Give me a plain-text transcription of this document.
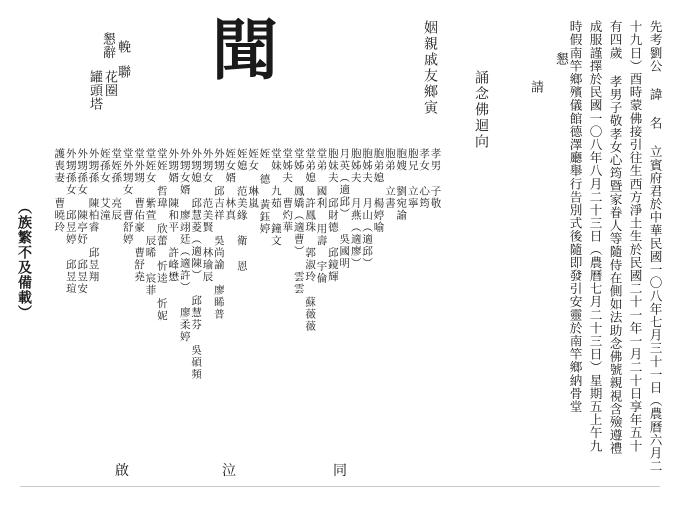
先考劉公 諱 名 立賓府君於中華民國一〇八年七月三十一日（農曆六月二
十九日）酉時蒙佛接引往生西方淨土生於民國二十一年一月二十日享年五十
有四歲 孝男子敬孝女心筠暨家眷人等隨侍在側如法助念佛號親視含殮遵禮
成服謹擇於民國一〇八年八月二十三日（農曆七月二十三日）星期五上午九
時假南竿鄉殯儀館德澤廳舉行告別式後隨即發引安靈於南竿鄉納骨堂
懇
請
姻親戚友鄉寅	誦念佛迴向
聞
懇辭
花圈
輓聯
罐頭塔
孝男 子敬
孝女 心筠
胞兄 立寧
胞嫂 劉宛諭
胞弟 立書
胞弟媳 楊婷喻
胞姊夫 月山（適邱）
胞姊夫 月燕（適廖）
月英（適邱） 吳國明
胞妹夫 邱財德 邱鏡輝
堂弟 國利 用壽 宇倫
堂弟媳 許鳳珠 郭淑玲 蘇薇薇
堂姊 鳳嬌（適曹） 雲雲
堂姊夫 曹灼華
堂妹 九茹 鐘文
姪 德 黃鈺婷
姪女 琳嵐
姪媳 范美緣 衛 恩
姪女婿 林真
外甥 邱吉祥 吳尚諭 廖睎普
外甥女 范美賢 林瑜辰
外甥媳 邱慧菱（適陳） 邱慧芬 吳碩頻
外甥女婿 廖翊廷（適許） 廖柔婷
外甥婿 陳和平 許峰懋
堂姪 哲瑋 欣蕾 忻逵 忻妮
堂姪女 紫萱 辰晞 宸菲
堂外甥 曹佑豪 曹舒堯
堂外甥女 曹舒婷
堂姪孫 亮辰
姪孫女 艾潼
外甥孫 陳柏睿 邱昱翔
外甥孫女 陳亭妤 邱昱安
外甥孫女 邱昱婷 邱昱瑄
護喪妻 曹曉玲
（族繁不及備載）
同
泣
啟
